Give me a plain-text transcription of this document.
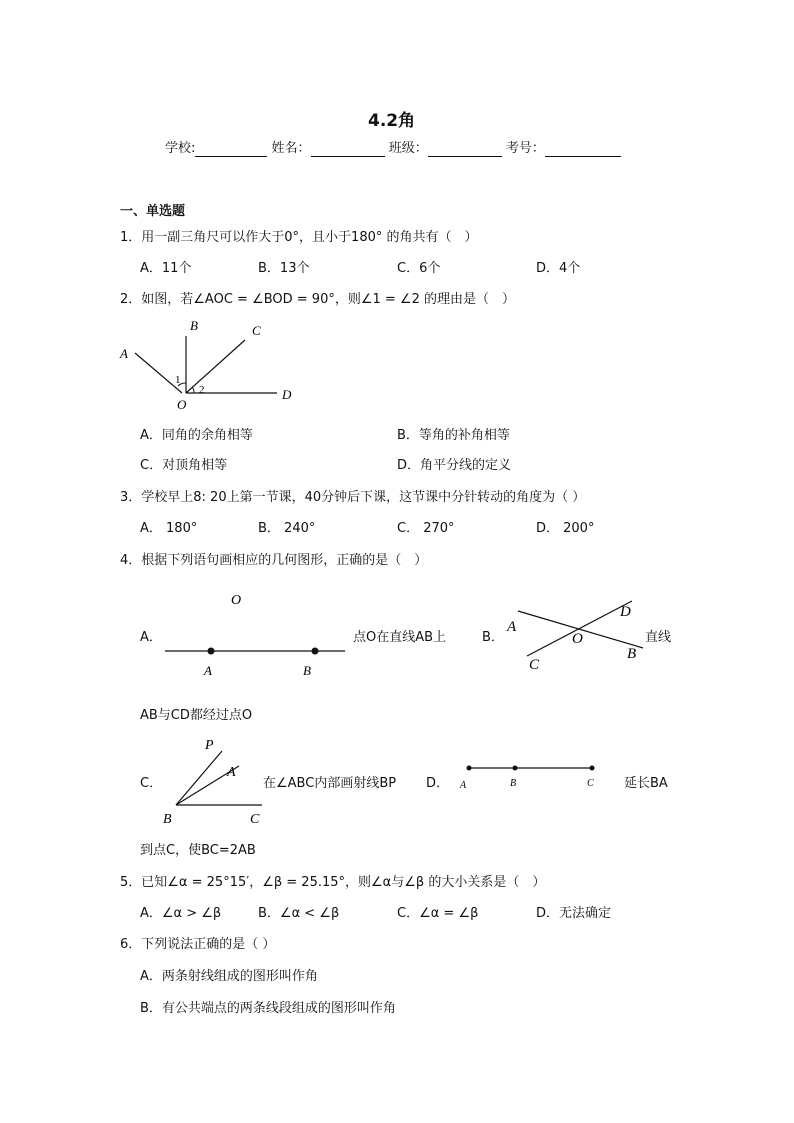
4.2角
学校:	姓名：	班级：	考号：
一、单选题
1．用一副三角尺可以作大于0°，且小于180° 的角共有（　）
A．11个	B．13个	C．6个	D．4个
2．如图，若∠AOC = ∠BOD = 90°，则∠1 = ∠2 的理由是（　）
A
B	C
D
O
1
2
A．同角的余角相等	B．等角的补角相等
C．对顶角相等	D．角平分线的定义
3．学校早上8: 20上第一节课，40分钟后下课，这节课中分针转动的角度为（ ）
A． 180°	B． 240°	C． 270°	D． 200°
4．根据下列语句画相应的几何图形，正确的是（　）
A．
O
A	B
点O在直线AB上	B．
A
D
O
C
B
直线
AB与CD都经过点O
C．
P
A
B	C
在∠ABC内部画射线BP D． A	B	C 延长BA
到点C，使BC=2AB
5．已知∠α = 25°15′，∠β = 25.15°，则∠α与∠β 的大小关系是（　）
A．∠α > ∠β	B．∠α < ∠β	C．∠α = ∠β	D．无法确定
6．下列说法正确的是（ ）
A．两条射线组成的图形叫作角
B．有公共端点的两条线段组成的图形叫作角
